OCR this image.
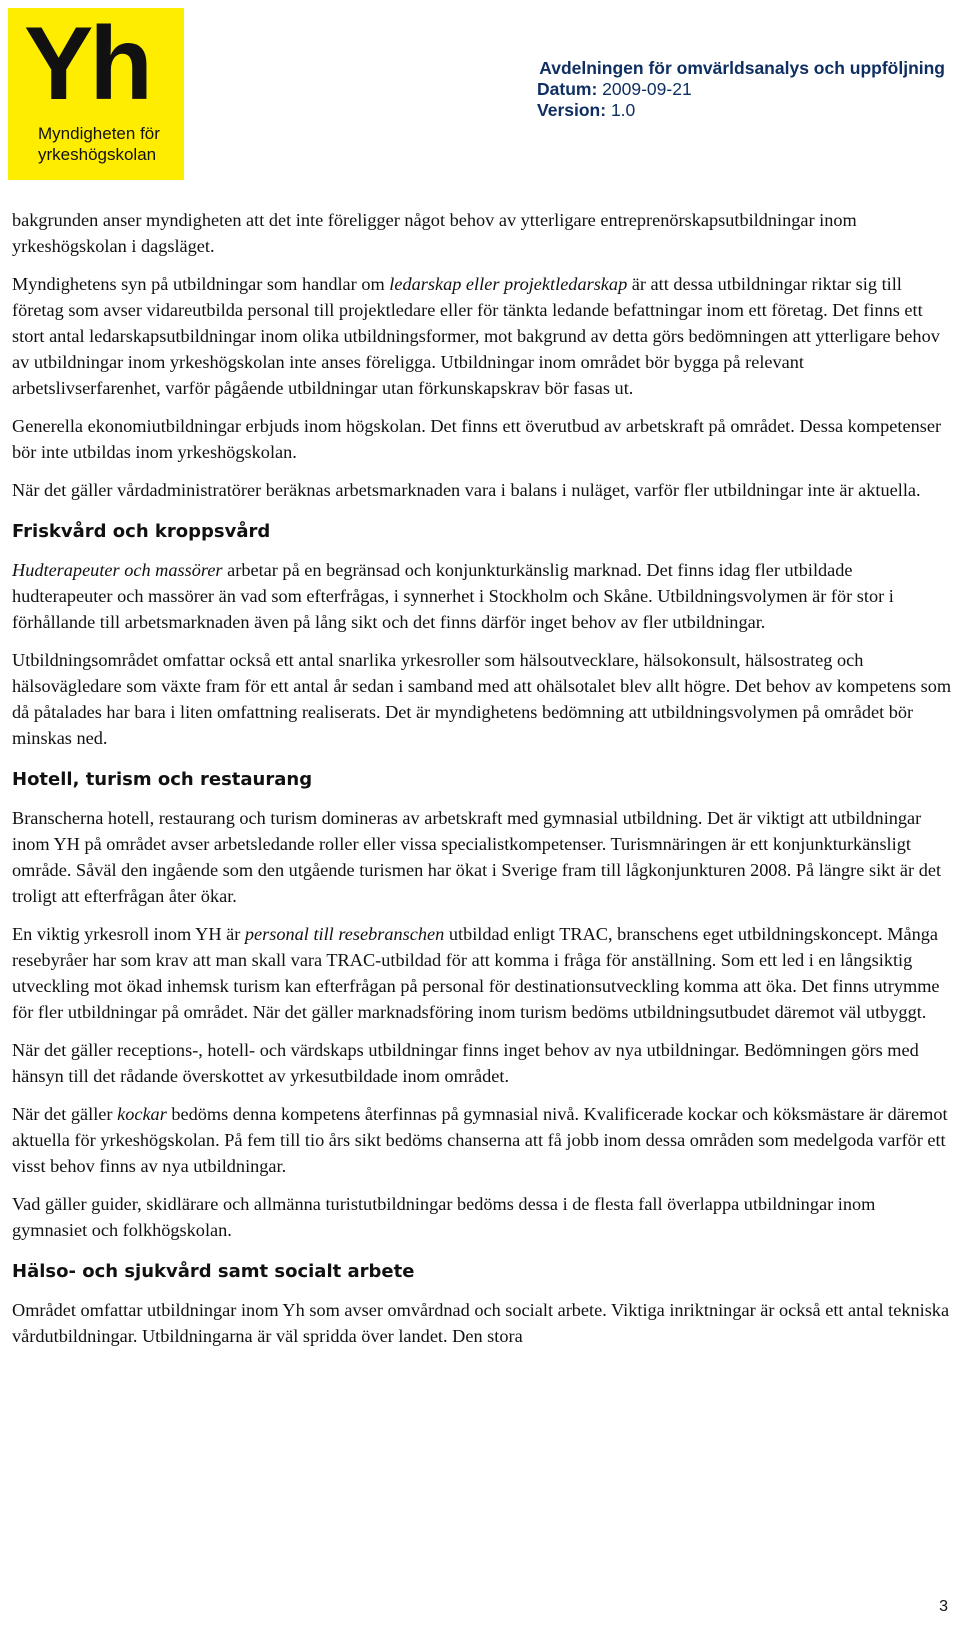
Yh
Myndigheten för
yrkeshögskolan
Avdelningen för omvärldsanalys och uppföljning
Datum: 2009-09-21
Version: 1.0

bakgrunden anser myndigheten att det inte föreligger något behov av ytterligare entreprenörskapsutbildningar inom yrkeshögskolan i dagsläget.

Myndighetens syn på utbildningar som handlar om ledarskap eller projektledarskap är att dessa utbildningar riktar sig till företag som avser vidareutbilda personal till projektledare eller för tänkta ledande befattningar inom ett företag. Det finns ett stort antal ledarskapsutbildningar inom olika utbildningsformer, mot bakgrund av detta görs bedömningen att ytterligare behov av utbildningar inom yrkeshögskolan inte anses föreligga. Utbildningar inom området bör bygga på relevant arbetslivserfarenhet, varför pågående utbildningar utan förkunskapskrav bör fasas ut.

Generella ekonomiutbildningar erbjuds inom högskolan. Det finns ett överutbud av arbetskraft på området. Dessa kompetenser bör inte utbildas inom yrkeshögskolan.

När det gäller vårdadministratörer beräknas arbetsmarknaden vara i balans i nuläget, varför fler utbildningar inte är aktuella.

Friskvård och kroppsvård

Hudterapeuter och massörer arbetar på en begränsad och konjunkturkänslig marknad. Det finns idag fler utbildade hudterapeuter och massörer än vad som efterfrågas, i synnerhet i Stockholm och Skåne. Utbildningsvolymen är för stor i förhållande till arbetsmarknaden även på lång sikt och det finns därför inget behov av fler utbildningar.

Utbildningsområdet omfattar också ett antal snarlika yrkesroller som hälsoutvecklare, hälsokonsult, hälsostrateg och hälsovägledare som växte fram för ett antal år sedan i samband med att ohälsotalet blev allt högre. Det behov av kompetens som då påtalades har bara i liten omfattning realiserats. Det är myndighetens bedömning att utbildningsvolymen på området bör minskas ned.

Hotell, turism och restaurang

Branscherna hotell, restaurang och turism domineras av arbetskraft med gymnasial utbildning. Det är viktigt att utbildningar inom YH på området avser arbetsledande roller eller vissa specialistkompetenser. Turismnäringen är ett konjunkturkänsligt område. Såväl den ingående som den utgående turismen har ökat i Sverige fram till lågkonjunkturen 2008. På längre sikt är det troligt att efterfrågan åter ökar.

En viktig yrkesroll inom YH är personal till resebranschen utbildad enligt TRAC, branschens eget utbildningskoncept. Många resebyråer har som krav att man skall vara TRAC-utbildad för att komma i fråga för anställning. Som ett led i en långsiktig utveckling mot ökad inhemsk turism kan efterfrågan på personal för destinationsutveckling komma att öka. Det finns utrymme för fler utbildningar på området. När det gäller marknadsföring inom turism bedöms utbildningsutbudet däremot väl utbyggt.

När det gäller receptions-, hotell- och värdskaps utbildningar finns inget behov av nya utbildningar. Bedömningen görs med hänsyn till det rådande överskottet av yrkesutbildade inom området.

När det gäller kockar bedöms denna kompetens återfinnas på gymnasial nivå. Kvalificerade kockar och köksmästare är däremot aktuella för yrkeshögskolan. På fem till tio års sikt bedöms chanserna att få jobb inom dessa områden som medelgoda varför ett visst behov finns av nya utbildningar.

Vad gäller guider, skidlärare och allmänna turistutbildningar bedöms dessa i de flesta fall överlappa utbildningar inom gymnasiet och folkhögskolan.

Hälso- och sjukvård samt socialt arbete

Området omfattar utbildningar inom Yh som avser omvårdnad och socialt arbete. Viktiga inriktningar är också ett antal tekniska vårdutbildningar. Utbildningarna är väl spridda över landet. Den stora

3
